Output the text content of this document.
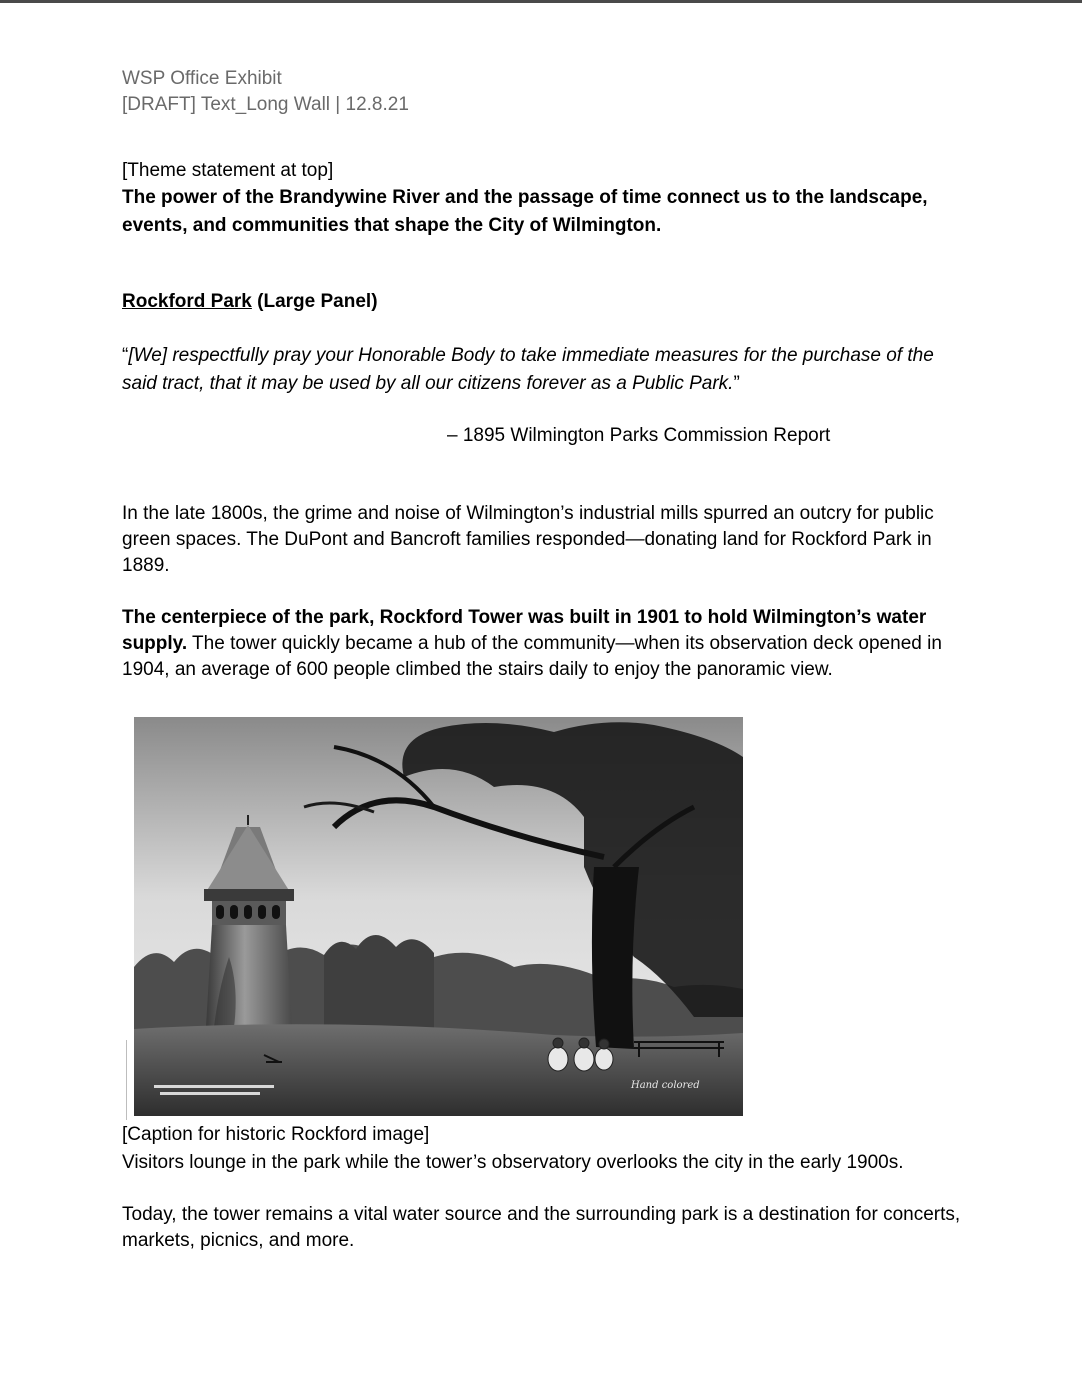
WSP Office Exhibit

[DRAFT] Text_Long Wall | 12.8.21

[Theme statement at top]

The power of the Brandywine River and the passage of time connect us to the landscape, events, and communities that shape the City of Wilmington.

Rockford Park (Large Panel)

“[We] respectfully pray your Honorable Body to take immediate measures for the purchase of the said tract, that it may be used by all our citizens forever as a Public Park.”

– 1895 Wilmington Parks Commission Report

In the late 1800s, the grime and noise of Wilmington’s industrial mills spurred an outcry for public green spaces. The DuPont and Bancroft families responded—donating land for Rockford Park in 1889.

The centerpiece of the park, Rockford Tower was built in 1901 to hold Wilmington’s water supply. The tower quickly became a hub of the community—when its observation deck opened in 1904, an average of 600 people climbed the stairs daily to enjoy the panoramic view.

Hand colored

[Caption for historic Rockford image]

Visitors lounge in the park while the tower’s observatory overlooks the city in the early 1900s.

Today, the tower remains a vital water source and the surrounding park is a destination for concerts, markets, picnics, and more.
